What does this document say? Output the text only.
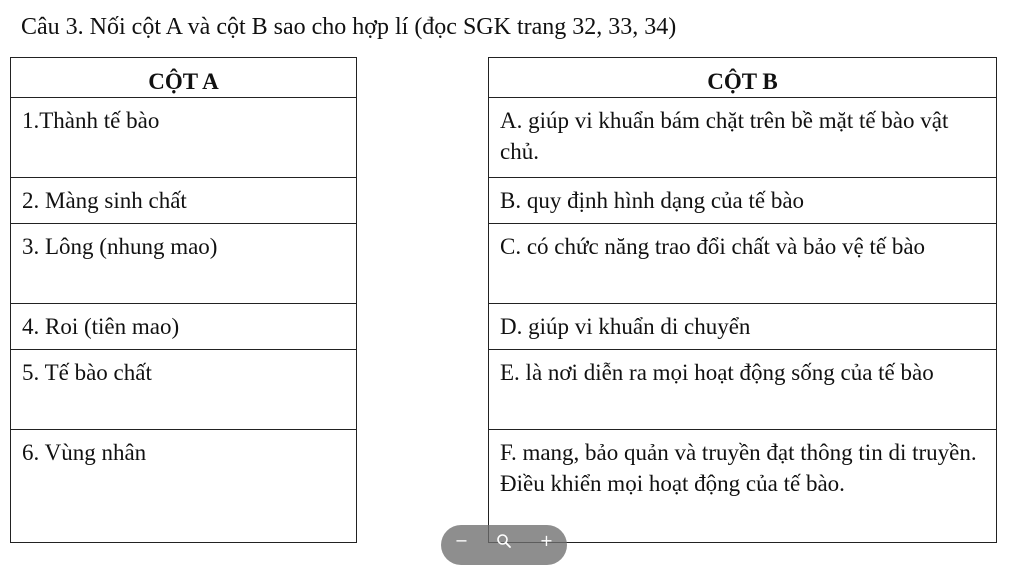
Câu 3. Nối cột A và cột B sao cho hợp lí (đọc SGK trang 32, 33, 34)
CỘT A
1.Thành tế bào
2. Màng sinh chất
3. Lông (nhung mao)
4. Roi (tiên mao)
5. Tế bào chất
6. Vùng nhân
CỘT B
A. giúp vi khuẩn bám chặt trên bề mặt tế bào vật chủ.
B. quy định hình dạng của tế bào
C. có chức năng trao đổi chất và bảo vệ tế bào
D. giúp vi khuẩn di chuyển
E. là nơi diễn ra mọi hoạt động sống của tế bào
F. mang, bảo quản và truyền đạt thông tin di truyền. Điều khiển mọi hoạt động của tế bào.
−	+
